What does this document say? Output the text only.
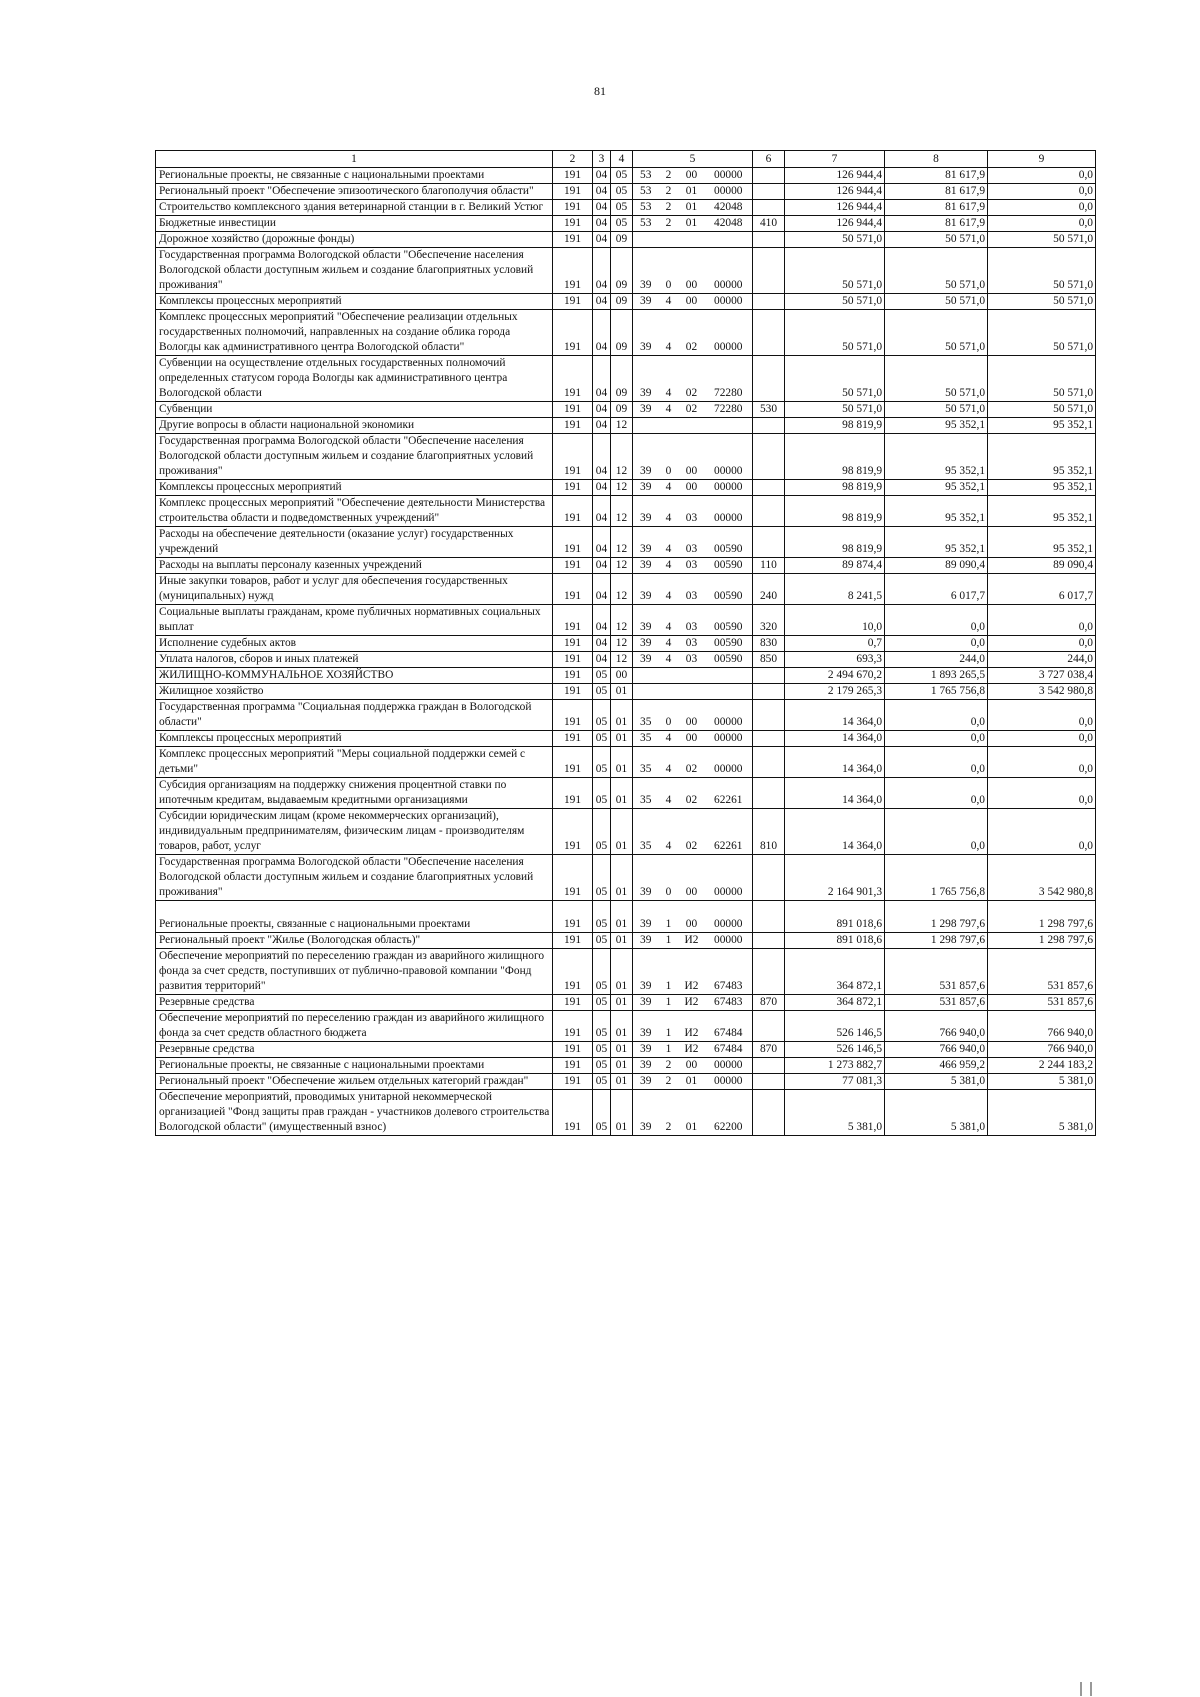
81
1	2	3	4	5				6	7	8	9
Региональные проекты, не связанные с национальными проектами	191	04	05	53	2	00	00000		126 944,4	81 617,9	0,0
Региональный проект "Обеспечение эпизоотического благополучия области"	191	04	05	53	2	01	00000		126 944,4	81 617,9	0,0
Строительство комплексного здания ветеринарной станции в г. Великий Устюг	191	04	05	53	2	01	42048		126 944,4	81 617,9	0,0
Бюджетные инвестиции	191	04	05	53	2	01	42048	410	126 944,4	81 617,9	0,0
Дорожное хозяйство (дорожные фонды)	191	04	09						50 571,0	50 571,0	50 571,0
Государственная программа Вологодской области "Обеспечение населения Вологодской области доступным жильем и создание благоприятных условий проживания"	191	04	09	39	0	00	00000		50 571,0	50 571,0	50 571,0
Комплексы процессных мероприятий	191	04	09	39	4	00	00000		50 571,0	50 571,0	50 571,0
Комплекс процессных мероприятий "Обеспечение реализации отдельных государственных полномочий, направленных на создание облика города Вологды как административного центра Вологодской области"	191	04	09	39	4	02	00000		50 571,0	50 571,0	50 571,0
Субвенции на осуществление отдельных государственных полномочий определенных статусом города Вологды как административного центра Вологодской области	191	04	09	39	4	02	72280		50 571,0	50 571,0	50 571,0
Субвенции	191	04	09	39	4	02	72280	530	50 571,0	50 571,0	50 571,0
Другие вопросы в области национальной экономики	191	04	12						98 819,9	95 352,1	95 352,1
Государственная программа Вологодской области "Обеспечение населения Вологодской области доступным жильем и создание благоприятных условий проживания"	191	04	12	39	0	00	00000		98 819,9	95 352,1	95 352,1
Комплексы процессных мероприятий	191	04	12	39	4	00	00000		98 819,9	95 352,1	95 352,1
Комплекс процессных мероприятий "Обеспечение деятельности Министерства строительства области и подведомственных учреждений"	191	04	12	39	4	03	00000		98 819,9	95 352,1	95 352,1
Расходы на обеспечение деятельности (оказание услуг) государственных учреждений	191	04	12	39	4	03	00590		98 819,9	95 352,1	95 352,1
Расходы на выплаты персоналу казенных учреждений	191	04	12	39	4	03	00590	110	89 874,4	89 090,4	89 090,4
Иные закупки товаров, работ и услуг для обеспечения государственных (муниципальных) нужд	191	04	12	39	4	03	00590	240	8 241,5	6 017,7	6 017,7
Социальные выплаты гражданам, кроме публичных нормативных социальных выплат	191	04	12	39	4	03	00590	320	10,0	0,0	0,0
Исполнение судебных актов	191	04	12	39	4	03	00590	830	0,7	0,0	0,0
Уплата налогов, сборов и иных платежей	191	04	12	39	4	03	00590	850	693,3	244,0	244,0
ЖИЛИЩНО-КОММУНАЛЬНОЕ ХОЗЯЙСТВО	191	05	00						2 494 670,2	1 893 265,5	3 727 038,4
Жилищное хозяйство	191	05	01						2 179 265,3	1 765 756,8	3 542 980,8
Государственная программа "Социальная поддержка граждан в Вологодской области"	191	05	01	35	0	00	00000		14 364,0	0,0	0,0
Комплексы процессных мероприятий	191	05	01	35	4	00	00000		14 364,0	0,0	0,0
Комплекс процессных мероприятий "Меры социальной поддержки семей с детьми"	191	05	01	35	4	02	00000		14 364,0	0,0	0,0
Субсидия организациям на поддержку снижения процентной ставки по ипотечным кредитам, выдаваемым кредитными организациями	191	05	01	35	4	02	62261		14 364,0	0,0	0,0
Субсидии юридическим лицам (кроме некоммерческих организаций), индивидуальным предпринимателям, физическим лицам - производителям товаров, работ, услуг	191	05	01	35	4	02	62261	810	14 364,0	0,0	0,0
Государственная программа Вологодской области "Обеспечение населения Вологодской области доступным жильем и создание благоприятных условий проживания"	191	05	01	39	0	00	00000		2 164 901,3	1 765 756,8	3 542 980,8
Региональные проекты, связанные с национальными проектами	191	05	01	39	1	00	00000		891 018,6	1 298 797,6	1 298 797,6
Региональный проект "Жилье (Вологодская область)"	191	05	01	39	1	И2	00000		891 018,6	1 298 797,6	1 298 797,6
Обеспечение мероприятий по переселению граждан из аварийного жилищного фонда за счет средств, поступивших от публично-правовой компании "Фонд развития территорий"	191	05	01	39	1	И2	67483		364 872,1	531 857,6	531 857,6
Резервные средства	191	05	01	39	1	И2	67483	870	364 872,1	531 857,6	531 857,6
Обеспечение мероприятий по переселению граждан из аварийного жилищного фонда за счет средств областного бюджета	191	05	01	39	1	И2	67484		526 146,5	766 940,0	766 940,0
Резервные средства	191	05	01	39	1	И2	67484	870	526 146,5	766 940,0	766 940,0
Региональные проекты, не связанные с национальными проектами	191	05	01	39	2	00	00000		1 273 882,7	466 959,2	2 244 183,2
Региональный проект "Обеспечение жильем отдельных категорий граждан"	191	05	01	39	2	01	00000		77 081,3	5 381,0	5 381,0
Обеспечение мероприятий, проводимых унитарной некоммерческой организацией "Фонд защиты прав граждан - участников долевого строительства Вологодской области" (имущественный взнос)	191	05	01	39	2	01	62200		5 381,0	5 381,0	5 381,0
